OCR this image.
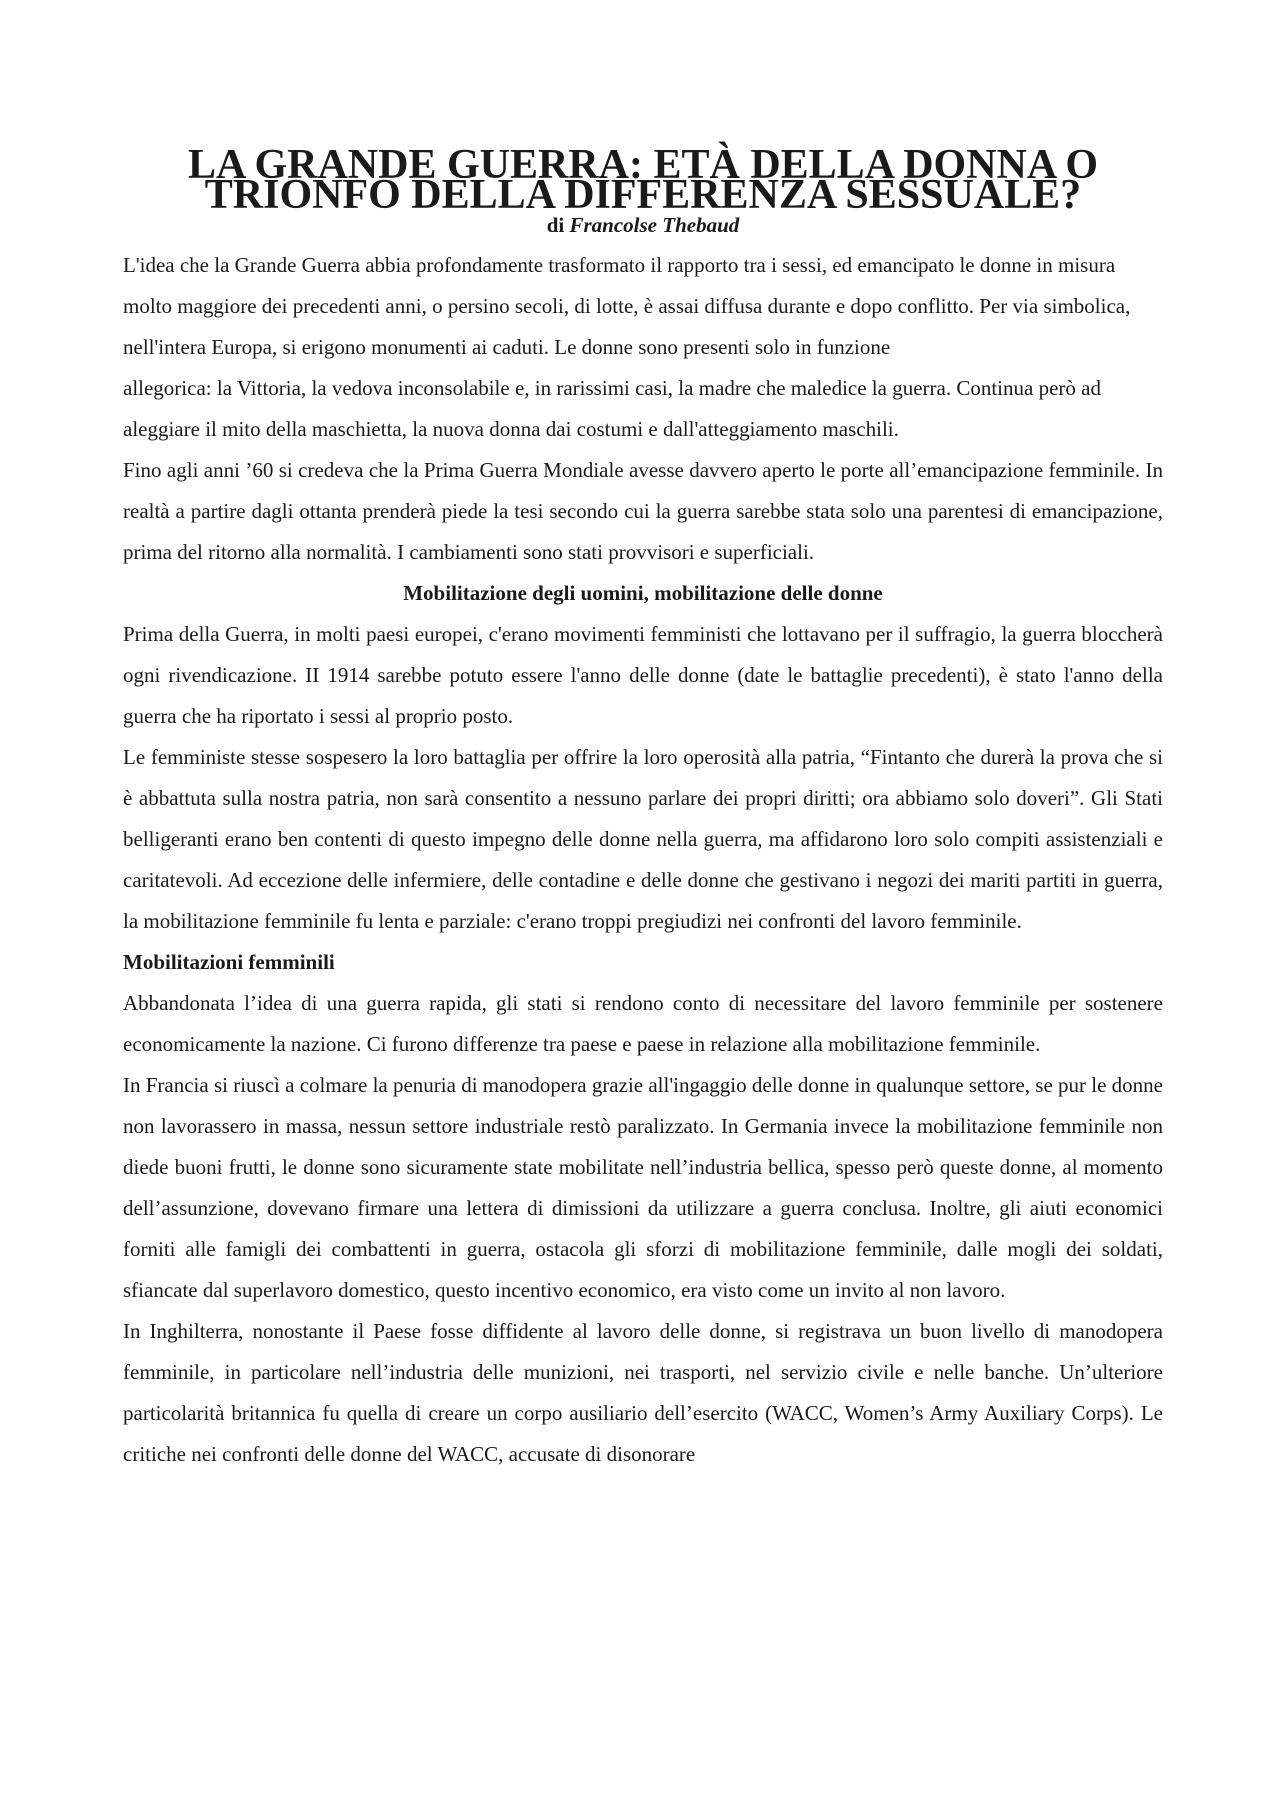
LA GRANDE GUERRA: ETÀ DELLA DONNA O TRIONFO DELLA DIFFERENZA SESSUALE?
di Francolse Thebaud

L'idea che la Grande Guerra abbia profondamente trasformato il rapporto tra i sessi, ed emancipato le donne in misura molto maggiore dei precedenti anni, o persino secoli, di lotte, è assai diffusa durante e dopo conflitto. Per via simbolica, nell'intera Europa, si erigono monumenti ai caduti. Le donne sono presenti solo in funzione

allegorica: la Vittoria, la vedova inconsolabile e, in rarissimi casi, la madre che maledice la guerra. Continua però ad aleggiare il mito della maschietta, la nuova donna dai costumi e dall'atteggiamento maschili.

Fino agli anni ’60 si credeva che la Prima Guerra Mondiale avesse davvero aperto le porte all’emancipazione femminile. In realtà a partire dagli ottanta prenderà piede la tesi secondo cui la guerra sarebbe stata solo una parentesi di emancipazione, prima del ritorno alla normalità. I cambiamenti sono stati provvisori e superficiali.

Mobilitazione degli uomini, mobilitazione delle donne

Prima della Guerra, in molti paesi europei, c'erano movimenti femministi che lottavano per il suffragio, la guerra bloccherà ogni rivendicazione. II 1914 sarebbe potuto essere l'anno delle donne (date le battaglie precedenti), è stato l'anno della guerra che ha riportato i sessi al proprio posto.

Le femministe stesse sospesero la loro battaglia per offrire la loro operosità alla patria, “Fintanto che durerà la prova che si è abbattuta sulla nostra patria, non sarà consentito a nessuno parlare dei propri diritti; ora abbiamo solo doveri”. Gli Stati belligeranti erano ben contenti di questo impegno delle donne nella guerra, ma affidarono loro solo compiti assistenziali e caritatevoli. Ad eccezione delle infermiere, delle contadine e delle donne che gestivano i negozi dei mariti partiti in guerra, la mobilitazione femminile fu lenta e parziale: c'erano troppi pregiudizi nei confronti del lavoro femminile.

Mobilitazioni femminili

Abbandonata l’idea di una guerra rapida, gli stati si rendono conto di necessitare del lavoro femminile per sostenere economicamente la nazione. Ci furono differenze tra paese e paese in relazione alla mobilitazione femminile.

In Francia si riuscì a colmare la penuria di manodopera grazie all'ingaggio delle donne in qualunque settore, se pur le donne non lavorassero in massa, nessun settore industriale restò paralizzato. In Germania invece la mobilitazione femminile non diede buoni frutti, le donne sono sicuramente state mobilitate nell’industria bellica, spesso però queste donne, al momento dell’assunzione, dovevano firmare una lettera di dimissioni da utilizzare a guerra conclusa. Inoltre, gli aiuti economici forniti alle famigli dei combattenti in guerra, ostacola gli sforzi di mobilitazione femminile, dalle mogli dei soldati, sfiancate dal superlavoro domestico, questo incentivo economico, era visto come un invito al non lavoro.

In Inghilterra, nonostante il Paese fosse diffidente al lavoro delle donne, si registrava un buon livello di manodopera femminile, in particolare nell’industria delle munizioni, nei trasporti, nel servizio civile e nelle banche. Un’ulteriore particolarità britannica fu quella di creare un corpo ausiliario dell’esercito (WACC, Women’s Army Auxiliary Corps). Le critiche nei confronti delle donne del WACC, accusate di disonorare
